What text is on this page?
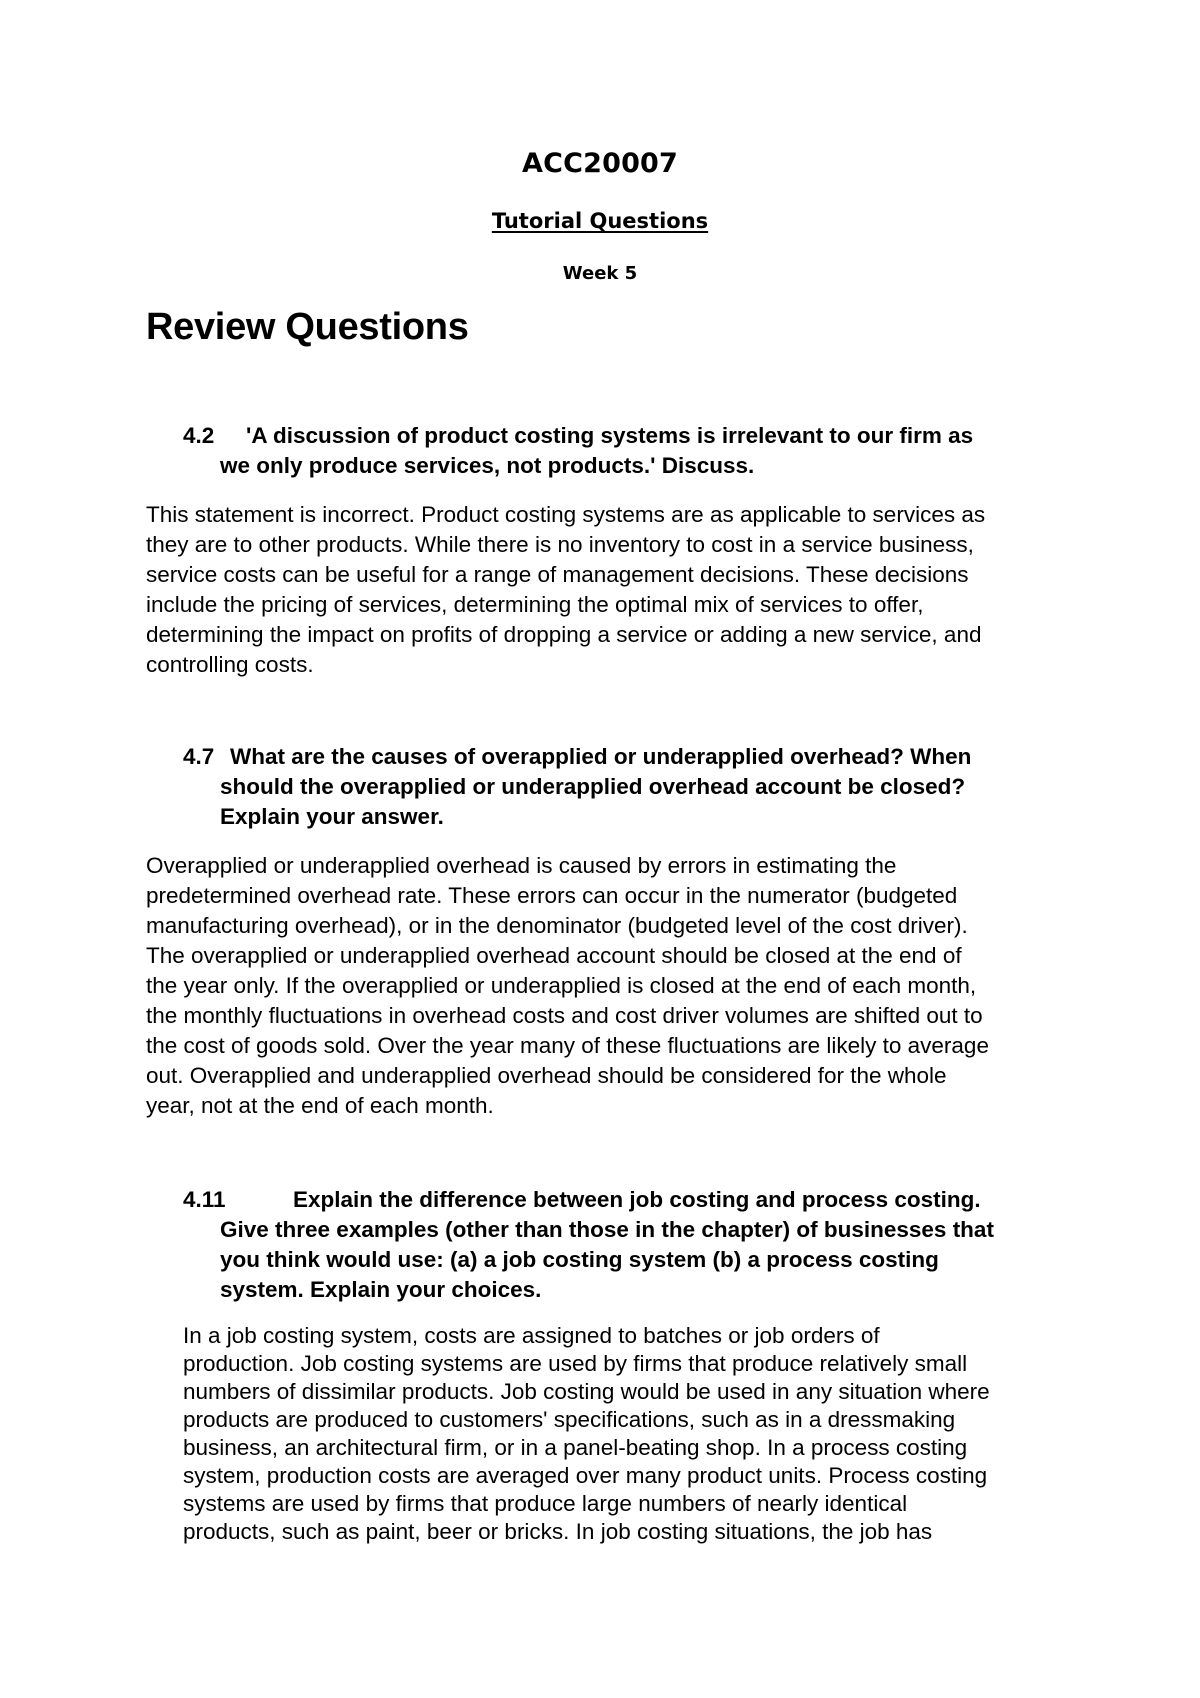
ACC20007
Tutorial Questions
Week 5
Review Questions
4.2 'A discussion of product costing systems is irrelevant to our firm as
we only produce services, not products.' Discuss.
This statement is incorrect. Product costing systems are as applicable to services as
they are to other products. While there is no inventory to cost in a service business,
service costs can be useful for a range of management decisions. These decisions
include the pricing of services, determining the optimal mix of services to offer,
determining the impact on profits of dropping a service or adding a new service, and
controlling costs.
4.7 What are the causes of overapplied or underapplied overhead? When
should the overapplied or underapplied overhead account be closed?
Explain your answer.
Overapplied or underapplied overhead is caused by errors in estimating the
predetermined overhead rate. These errors can occur in the numerator (budgeted
manufacturing overhead), or in the denominator (budgeted level of the cost driver).
The overapplied or underapplied overhead account should be closed at the end of
the year only. If the overapplied or underapplied is closed at the end of each month,
the monthly fluctuations in overhead costs and cost driver volumes are shifted out to
the cost of goods sold. Over the year many of these fluctuations are likely to average
out. Overapplied and underapplied overhead should be considered for the whole
year, not at the end of each month.
4.11	Explain the difference between job costing and process costing.
Give three examples (other than those in the chapter) of businesses that
you think would use: (a) a job costing system (b) a process costing
system. Explain your choices.
In a job costing system, costs are assigned to batches or job orders of
production. Job costing systems are used by firms that produce relatively small
numbers of dissimilar products. Job costing would be used in any situation where
products are produced to customers' specifications, such as in a dressmaking
business, an architectural firm, or in a panel-beating shop. In a process costing
system, production costs are averaged over many product units. Process costing
systems are used by firms that produce large numbers of nearly identical
products, such as paint, beer or bricks. In job costing situations, the job has
